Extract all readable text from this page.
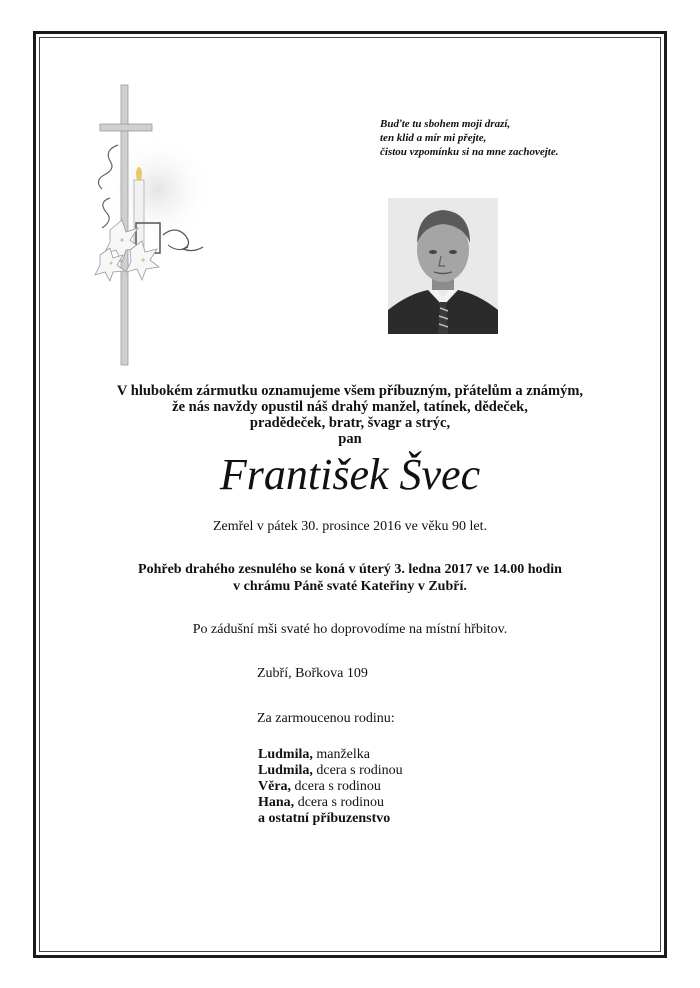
Buďte tu sbohem moji drazí,
ten klid a mír mi přejte,
čistou vzpomínku si na mne zachovejte.
V hlubokém zármutku oznamujeme všem příbuzným, přátelům a známým,
že nás navždy opustil náš drahý manžel, tatínek, dědeček,
pradědeček, bratr, švagr a strýc,
pan
František Švec
Zemřel v pátek 30. prosince 2016 ve věku 90 let.
Pohřeb drahého zesnulého se koná v úterý 3. ledna 2017 ve 14.00 hodin
v chrámu Páně svaté Kateřiny v Zubří.
Po zádušní mši svaté ho doprovodíme na místní hřbitov.
Zubří, Bořkova 109
Za zarmoucenou rodinu:
Ludmila, manželka
Ludmila, dcera s rodinou
Věra, dcera s rodinou
Hana, dcera s rodinou
a ostatní příbuzenstvo
